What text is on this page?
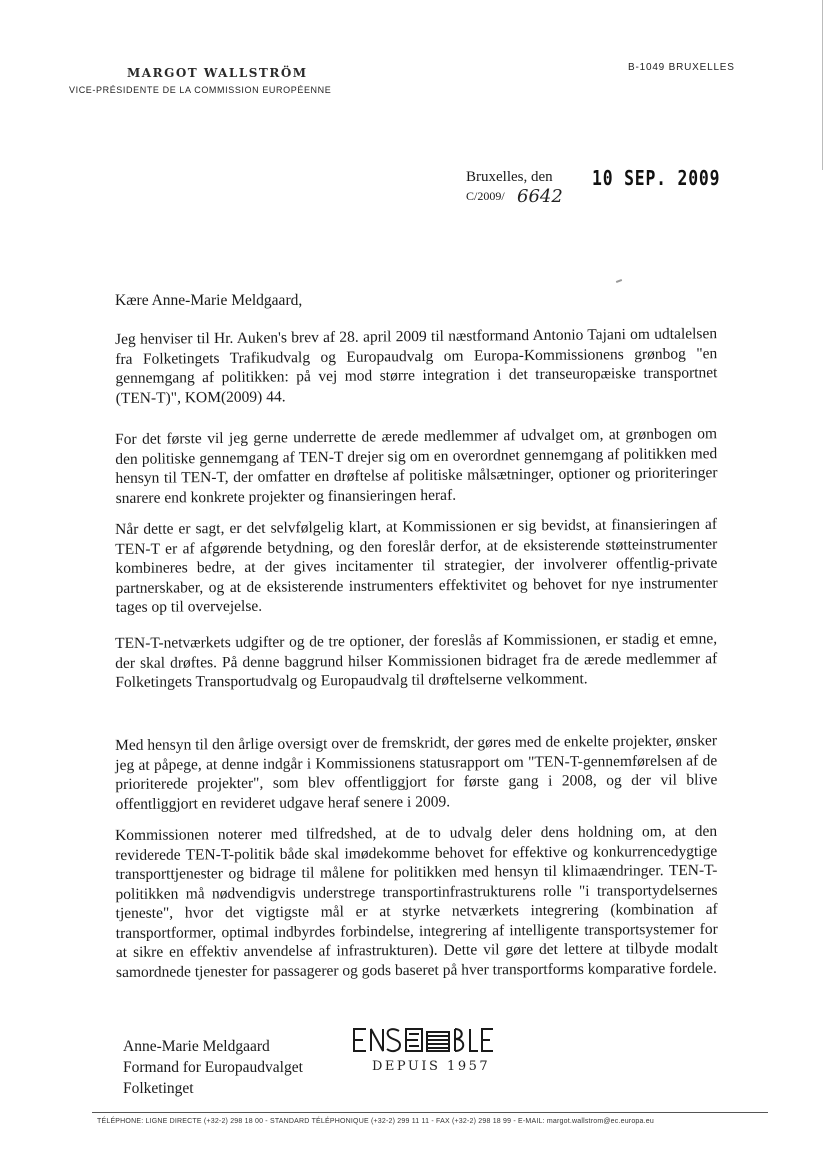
MARGOT WALLSTRÖM
VICE-PRÉSIDENTE DE LA COMMISSION EUROPÉENNE
B-1049 BRUXELLES
Bruxelles, den 10 SEP. 2009
C/2009/ 6642
Kære Anne-Marie Meldgaard,

Jeg henviser til Hr. Auken's brev af 28. april 2009 til næstformand Antonio Tajani om udtalelsen fra Folketingets Trafikudvalg og Europaudvalg om Europa-Kommissionens grønbog "en gennemgang af politikken: på vej mod større integration i det transeuropæiske transportnet (TEN-T)", KOM(2009) 44.

For det første vil jeg gerne underrette de ærede medlemmer af udvalget om, at grønbogen om den politiske gennemgang af TEN-T drejer sig om en overordnet gennemgang af politikken med hensyn til TEN-T, der omfatter en drøftelse af politiske målsætninger, optioner og prioriteringer snarere end konkrete projekter og finansieringen heraf.

Når dette er sagt, er det selvfølgelig klart, at Kommissionen er sig bevidst, at finansieringen af TEN-T er af afgørende betydning, og den foreslår derfor, at de eksisterende støtteinstrumenter kombineres bedre, at der gives incitamenter til strategier, der involverer offentlig-private partnerskaber, og at de eksisterende instrumenters effektivitet og behovet for nye instrumenter tages op til overvejelse.

TEN-T-netværkets udgifter og de tre optioner, der foreslås af Kommissionen, er stadig et emne, der skal drøftes. På denne baggrund hilser Kommissionen bidraget fra de ærede medlemmer af Folketingets Transportudvalg og Europaudvalg til drøftelserne velkomment.

Med hensyn til den årlige oversigt over de fremskridt, der gøres med de enkelte projekter, ønsker jeg at påpege, at denne indgår i Kommissionens statusrapport om "TEN-T-gennemførelsen af de prioriterede projekter", som blev offentliggjort for første gang i 2008, og der vil blive offentliggjort en revideret udgave heraf senere i 2009.

Kommissionen noterer med tilfredshed, at de to udvalg deler dens holdning om, at den reviderede TEN-T-politik både skal imødekomme behovet for effektive og konkurrencedygtige transporttjenester og bidrage til målene for politikken med hensyn til klimaændringer. TEN-T-politikken må nødvendigvis understrege transportinfrastrukturens rolle "i transportydelsernes tjeneste", hvor det vigtigste mål er at styrke netværkets integrering (kombination af transportformer, optimal indbyrdes forbindelse, integrering af intelligente transportsystemer for at sikre en effektiv anvendelse af infrastrukturen). Dette vil gøre det lettere at tilbyde modalt samordnede tjenester for passagerer og gods baseret på hver transportforms komparative fordele.

Anne-Marie Meldgaard
Formand for Europaudvalget
Folketinget
DEPUIS 1957
TÉLÉPHONE: LIGNE DIRECTE (+32-2) 298 18 00 - STANDARD TÉLÉPHONIQUE (+32-2) 299 11 11 - FAX (+32-2) 298 18 99 - E-MAIL: margot.wallstrom@ec.europa.eu
